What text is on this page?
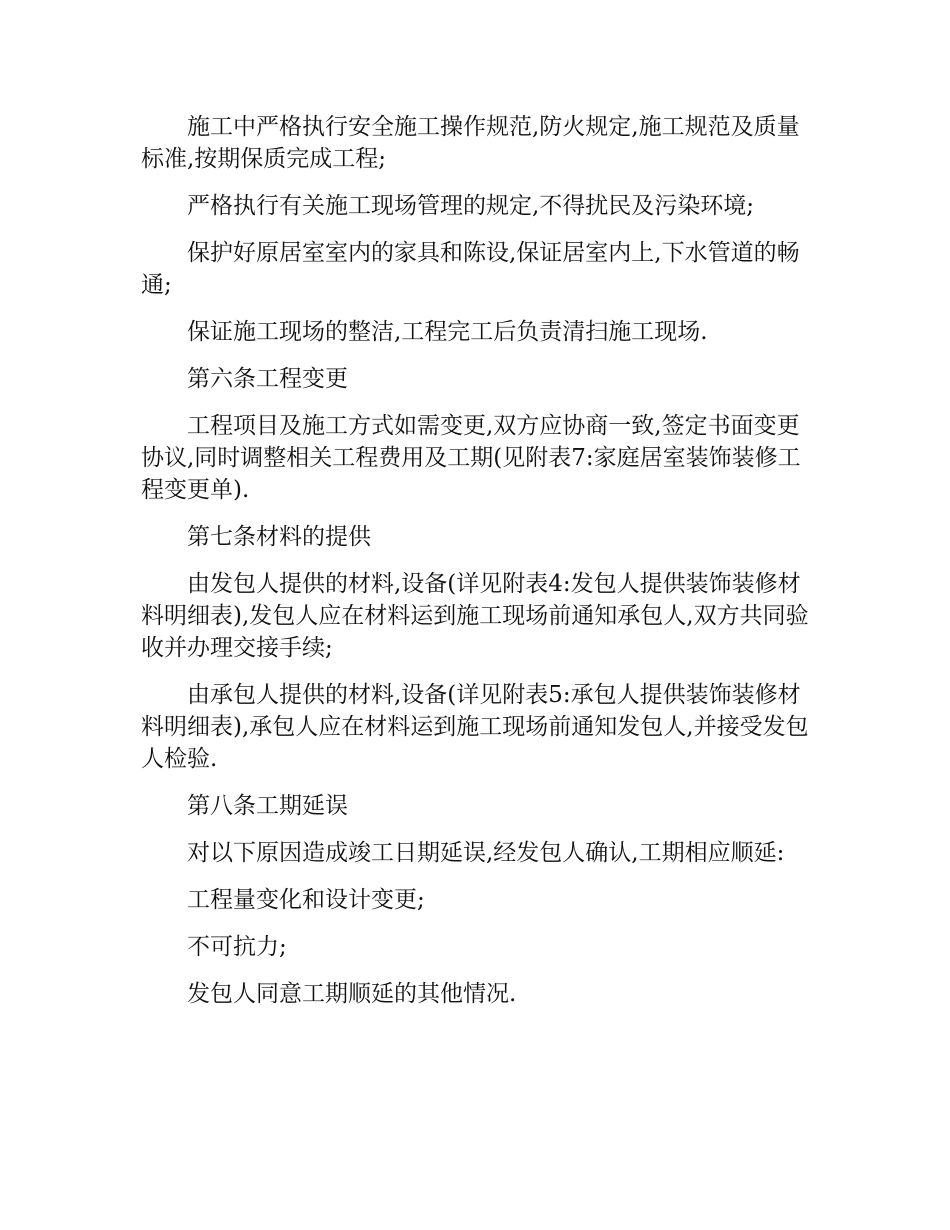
施工中严格执行安全施工操作规范,防火规定,施工规范及质量标准,按期保质完成工程;

严格执行有关施工现场管理的规定,不得扰民及污染环境;

保护好原居室室内的家具和陈设,保证居室内上,下水管道的畅通;

保证施工现场的整洁,工程完工后负责清扫施工现场.

第六条工程变更

工程项目及施工方式如需变更,双方应协商一致,签定书面变更协议,同时调整相关工程费用及工期(见附表7:家庭居室装饰装修工程变更单).

第七条材料的提供

由发包人提供的材料,设备(详见附表4:发包人提供装饰装修材料明细表),发包人应在材料运到施工现场前通知承包人,双方共同验收并办理交接手续;

由承包人提供的材料,设备(详见附表5:承包人提供装饰装修材料明细表),承包人应在材料运到施工现场前通知发包人,并接受发包人检验.

第八条工期延误

对以下原因造成竣工日期延误,经发包人确认,工期相应顺延:

工程量变化和设计变更;

不可抗力;

发包人同意工期顺延的其他情况.
